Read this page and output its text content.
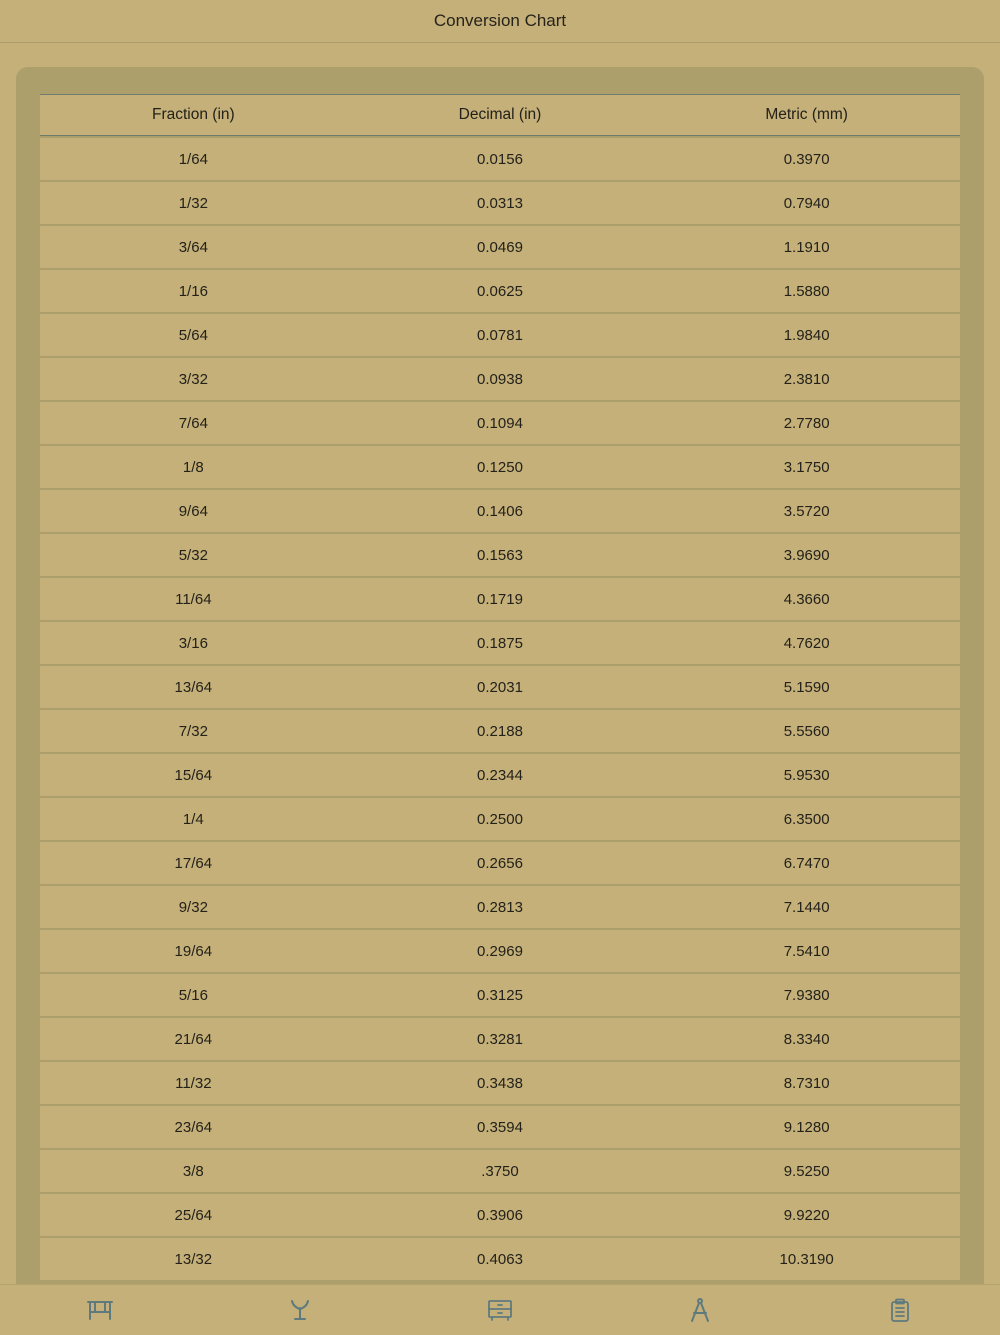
Conversion Chart
Fraction (in)	Decimal (in)	Metric (mm)
1/64	0.0156	0.3970
1/32	0.0313	0.7940
3/64	0.0469	1.1910
1/16	0.0625	1.5880
5/64	0.0781	1.9840
3/32	0.0938	2.3810
7/64	0.1094	2.7780
1/8	0.1250	3.1750
9/64	0.1406	3.5720
5/32	0.1563	3.9690
11/64	0.1719	4.3660
3/16	0.1875	4.7620
13/64	0.2031	5.1590
7/32	0.2188	5.5560
15/64	0.2344	5.9530
1/4	0.2500	6.3500
17/64	0.2656	6.7470
9/32	0.2813	7.1440
19/64	0.2969	7.5410
5/16	0.3125	7.9380
21/64	0.3281	8.3340
11/32	0.3438	8.7310
23/64	0.3594	9.1280
3/8	.3750	9.5250
25/64	0.3906	9.9220
13/32	0.4063	10.3190
